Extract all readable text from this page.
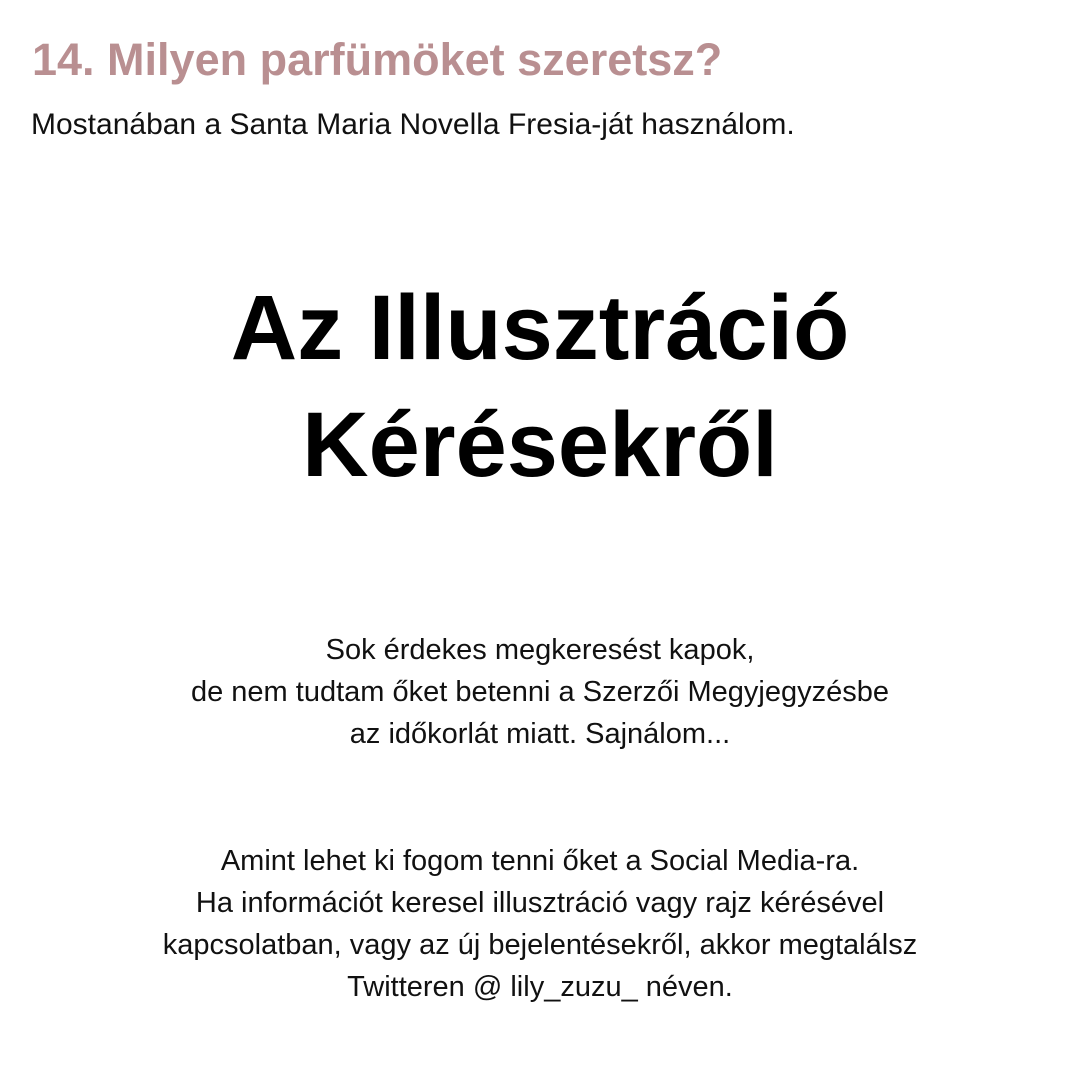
14. Milyen parfümöket szeretsz?

Mostanában a Santa Maria Novella Fresia-ját használom.

Az Illusztráció
Kérésekről
Sok érdekes megkeresést kapok,
de nem tudtam őket betenni a Szerzői Megyjegyzésbe
az időkorlát miatt. Sajnálom...
Amint lehet ki fogom tenni őket a Social Media-ra.
Ha információt keresel illusztráció vagy rajz kérésével
kapcsolatban, vagy az új bejelentésekről, akkor megtalálsz
Twitteren @ lily_zuzu_ néven.
